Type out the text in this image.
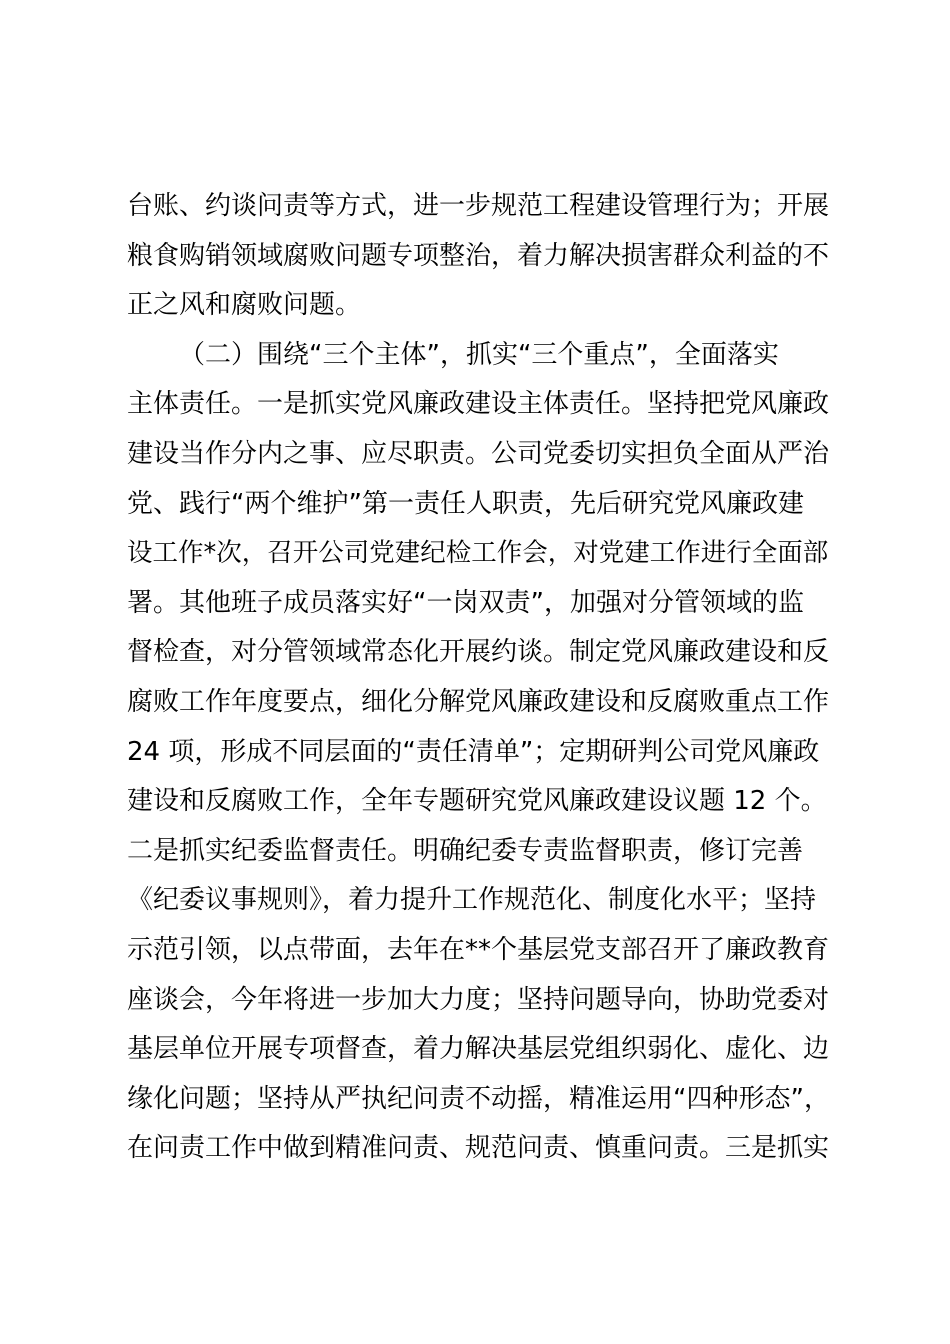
台账、约谈问责等方式，进一步规范工程建设管理行为；开展
粮食购销领域腐败问题专项整治，着力解决损害群众利益的不
正之风和腐败问题。
（二）围绕“三个主体”，抓实“三个重点”，全面落实
主体责任。一是抓实党风廉政建设主体责任。坚持把党风廉政
建设当作分内之事、应尽职责。公司党委切实担负全面从严治
党、践行“两个维护”第一责任人职责，先后研究党风廉政建
设工作*次，召开公司党建纪检工作会，对党建工作进行全面部
署。其他班子成员落实好“一岗双责”，加强对分管领域的监
督检查，对分管领域常态化开展约谈。制定党风廉政建设和反
腐败工作年度要点，细化分解党风廉政建设和反腐败重点工作
24 项，形成不同层面的“责任清单”；定期研判公司党风廉政
建设和反腐败工作，全年专题研究党风廉政建设议题 12 个。
二是抓实纪委监督责任。明确纪委专责监督职责，修订完善
《纪委议事规则》，着力提升工作规范化、制度化水平；坚持
示范引领，以点带面，去年在**个基层党支部召开了廉政教育
座谈会，今年将进一步加大力度；坚持问题导向，协助党委对
基层单位开展专项督查，着力解决基层党组织弱化、虚化、边
缘化问题；坚持从严执纪问责不动摇，精准运用“四种形态”，
在问责工作中做到精准问责、规范问责、慎重问责。三是抓实
